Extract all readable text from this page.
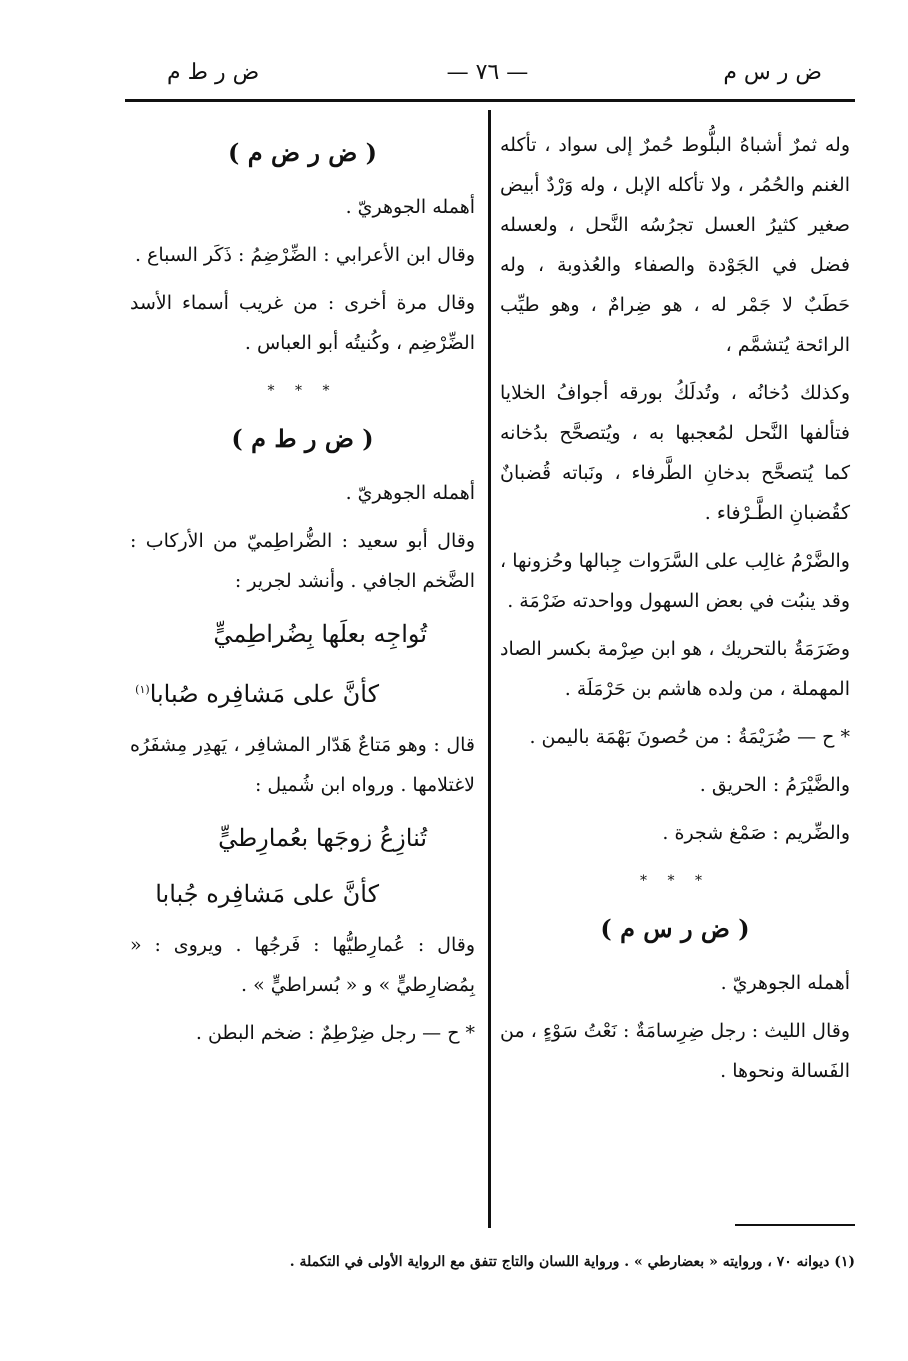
ض ر ط م	— ٧٦ —	ض ر س م

وله ثمرٌ أشباهُ البلُّوط حُمرٌ إلى سواد ، تأكله الغنم والحُمُر ، ولا تأكله الإبل ، وله وَرْدٌ أبيض صغير كثيرُ العسل تجرُسُه النَّحل ، ولعسله فضل في الجَوْدة والصفاء والعُذوبة ، وله حَطَبٌ لا جَمْر له ، هو ضِرامٌ ، وهو طيِّب الرائحة يُتشمَّم ،

وكذلك دُخانُه ، وتُدلَكُ بورقه أجوافُ الخلايا فتألفها النَّحل لمُعجبها به ، ويُتصحَّح بدُخانه كما يُتصحَّح بدخانِ الطَّرفاء ، ونَباته قُضبانٌ كقُضبانِ الطَّـرْفاء .

والضَّرْمُ غالِب على السَّرَوات جِبالها وحُزونها ، وقد ينبُت في بعض السهول وواحدته ضَرْمَة .

وضَرَمَةُ بالتحريك ، هو ابن صِرْمة بكسر الصاد المهملة ، من ولده هاشم بن حَرْمَلَة .

* ح — ضُرَيْمَةُ : من حُصونَ بَهْمَة باليمن .

والضَّيْرَمُ : الحريق .

والضِّريم : صَمْغ شجرة .

* * *
( ض ر س م )

أهمله الجوهريّ .

وقال الليث : رجل ضِرِسامَةٌ : نَعْتُ سَوْءٍ ، من الفَسالة ونحوها .

( ض ر ض م )

أهمله الجوهريّ .

وقال ابن الأعرابي : الضِّرْضِمُ : ذَكَر السباع .

وقال مرة أخرى : من غريب أسماء الأسد الضِّرْضِم ، وكُنيتُه أبو العباس .

* * *
( ض ر ط م )

أهمله الجوهريّ .

وقال أبو سعيد : الضُّراطِميّ من الأركاب : الضَّخم الجافي . وأنشد لجرير :

تُواجِه بعلَها بِضُراطِميٍّ
كأنَّ على مَشافِره صُبابا$^{(١)}$

قال : وهو مَتاعٌ هَدّار المشافِر ، يَهدِر مِشفَرُه لاغتلامها . ورواه ابن شُميل :

تُنازِعُ زوجَها بعُمارِطيٍّ
كأنَّ على مَشافِره جُبابا

وقال : عُمارِطيُّها : فَرجُها . ويروى : « بِمُضارِطيٍّ » و « بُسراطيٍّ » .

* ح — رجل ضِرْطِمٌ : ضخم البطن .

(١) ديوانه ٧٠ ، وروايته « بعضارطي » . ورواية اللسان والتاج تتفق مع الرواية الأولى في التكملة .
